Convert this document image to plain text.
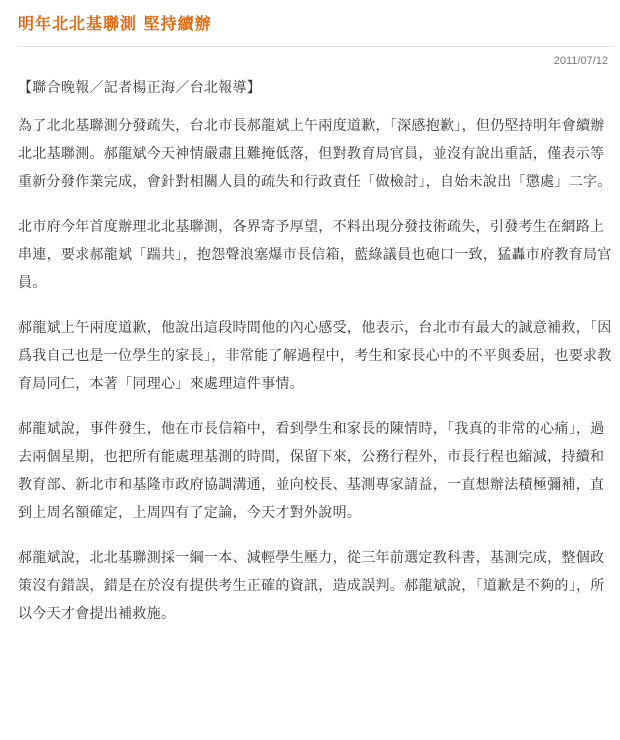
明年北北基聯測 堅持續辦
2011/07/12

【聯合晚報／記者楊正海／台北報導】

為了北北基聯測分發疏失，台北市長郝龍斌上午兩度道歉，「深感抱歉」，但仍堅持明年會續辦北北基聯測。郝龍斌今天神情嚴肅且難掩低落，但對教育局官員，並沒有說出重話，僅表示等重新分發作業完成，會針對相關人員的疏失和行政責任「做檢討」，自始未說出「懲處」二字。

北市府今年首度辦理北北基聯測，各界寄予厚望，不料出現分發技術疏失，引發考生在網路上串連，要求郝龍斌「踹共」，抱怨聲浪塞爆市長信箱，藍綠議員也砲口一致，猛轟市府教育局官員。

郝龍斌上午兩度道歉，他說出這段時間他的內心感受，他表示，台北市有最大的誠意補救，「因爲我自己也是一位學生的家長」，非常能了解過程中，考生和家長心中的不平與委屈，也要求教育局同仁，本著「同理心」來處理這件事情。

郝龍斌說，事件發生，他在市長信箱中，看到學生和家長的陳情時，「我真的非常的心痛」，過去兩個星期，也把所有能處理基測的時間，保留下來，公務行程外，市長行程也縮減，持續和教育部、新北市和基隆市政府協調溝通，並向校長、基測專家請益，一直想辦法積極彌補，直到上周名額確定，上周四有了定論，今天才對外說明。

郝龍斌說，北北基聯測採一綱一本、減輕學生壓力，從三年前選定教科書，基測完成，整個政策沒有錯誤，錯是在於沒有提供考生正確的資訊，造成誤判。郝龍斌說，「道歉是不夠的」，所以今天才會提出補救施。
